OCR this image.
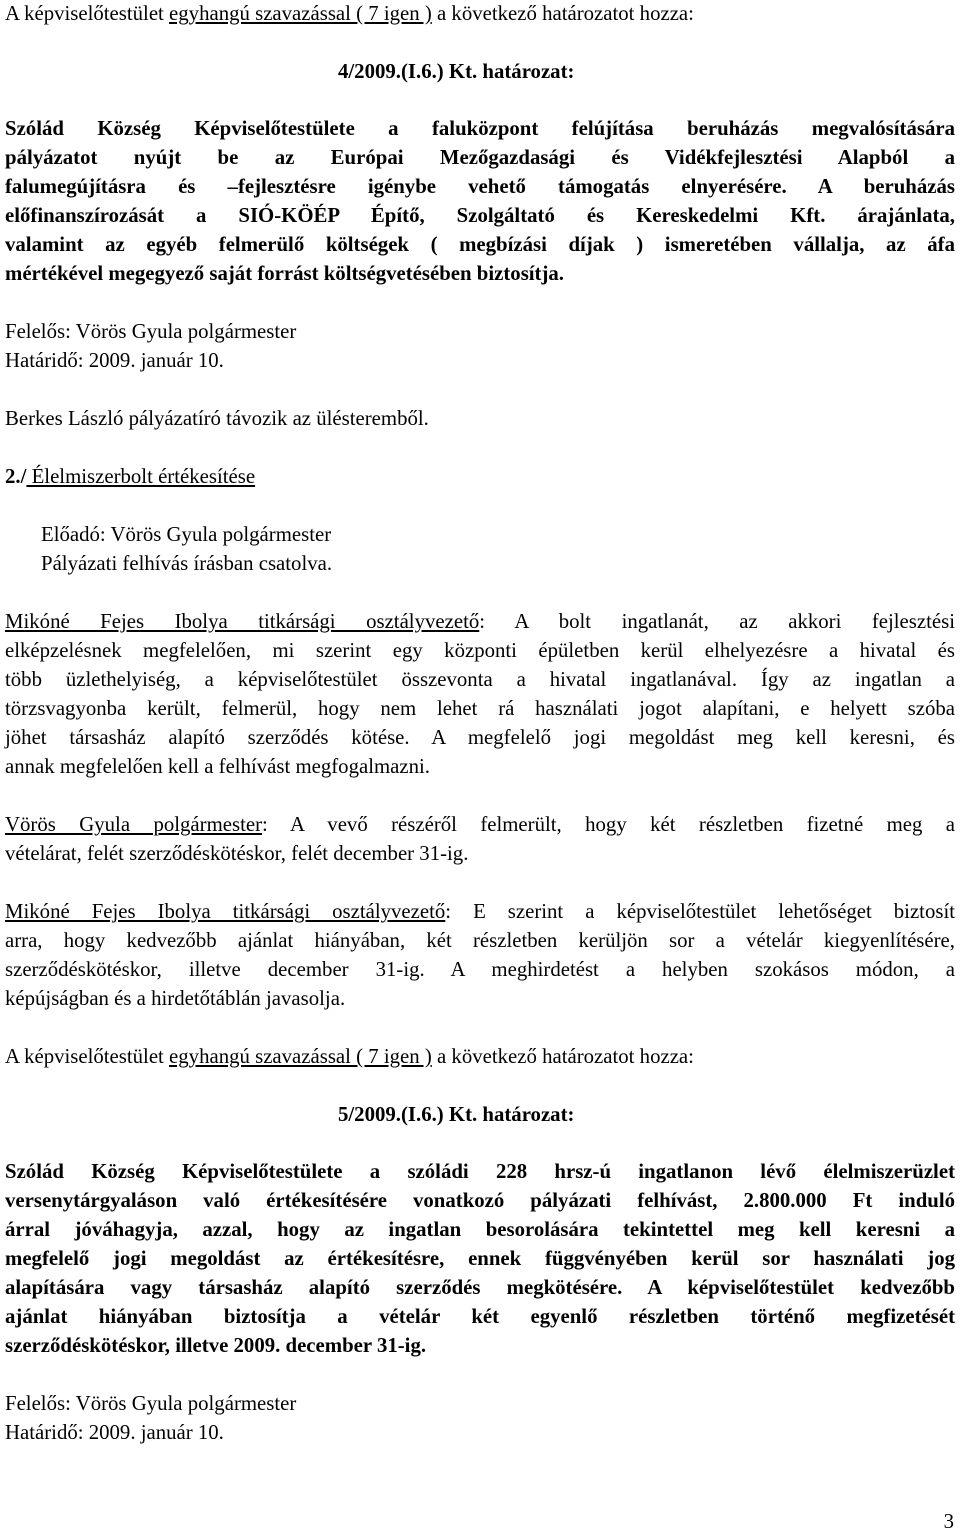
A képviselőtestület egyhangú szavazással ( 7 igen ) a következő határozatot hozza:
4/2009.(I.6.) Kt. határozat:
Szólád Község Képviselőtestülete a faluközpont felújítása beruházás megvalósítására
pályázatot nyújt be az Európai Mezőgazdasági és Vidékfejlesztési Alapból a
falumegújításra és –fejlesztésre igénybe vehető támogatás elnyerésére. A beruházás
előfinanszírozását a SIÓ-KÖÉP Építő, Szolgáltató és Kereskedelmi Kft. árajánlata,
valamint az egyéb felmerülő költségek ( megbízási díjak ) ismeretében vállalja, az áfa
mértékével megegyező saját forrást költségvetésében biztosítja.
Felelős: Vörös Gyula polgármester
Határidő: 2009. január 10.
Berkes László pályázatíró távozik az ülésteremből.
2./ Élelmiszerbolt értékesítése
Előadó: Vörös Gyula polgármester
Pályázati felhívás írásban csatolva.
Mikóné Fejes Ibolya titkársági osztályvezető: A bolt ingatlanát, az akkori fejlesztési
elképzelésnek megfelelően, mi szerint egy központi épületben kerül elhelyezésre a hivatal és
több üzlethelyiség, a képviselőtestület összevonta a hivatal ingatlanával. Így az ingatlan a
törzsvagyonba került, felmerül, hogy nem lehet rá használati jogot alapítani, e helyett szóba
jöhet társasház alapító szerződés kötése. A megfelelő jogi megoldást meg kell keresni, és
annak megfelelően kell a felhívást megfogalmazni.
Vörös Gyula polgármester: A vevő részéről felmerült, hogy két részletben fizetné meg a
vételárat, felét szerződéskötéskor, felét december 31-ig.
Mikóné Fejes Ibolya titkársági osztályvezető: E szerint a képviselőtestület lehetőséget biztosít
arra, hogy kedvezőbb ajánlat hiányában, két részletben kerüljön sor a vételár kiegyenlítésére,
szerződéskötéskor, illetve december 31-ig. A meghirdetést a helyben szokásos módon, a
képújságban és a hirdetőtáblán javasolja.
A képviselőtestület egyhangú szavazással ( 7 igen ) a következő határozatot hozza:
5/2009.(I.6.) Kt. határozat:
Szólád Község Képviselőtestülete a szóládi 228 hrsz-ú ingatlanon lévő élelmiszerüzlet
versenytárgyaláson való értékesítésére vonatkozó pályázati felhívást, 2.800.000 Ft induló
árral jóváhagyja, azzal, hogy az ingatlan besorolására tekintettel meg kell keresni a
megfelelő jogi megoldást az értékesítésre, ennek függvényében kerül sor használati jog
alapítására vagy társasház alapító szerződés megkötésére. A képviselőtestület kedvezőbb
ajánlat hiányában biztosítja a vételár két egyenlő részletben történő megfizetését
szerződéskötéskor, illetve 2009. december 31-ig.
Felelős: Vörös Gyula polgármester
Határidő: 2009. január 10.
3
